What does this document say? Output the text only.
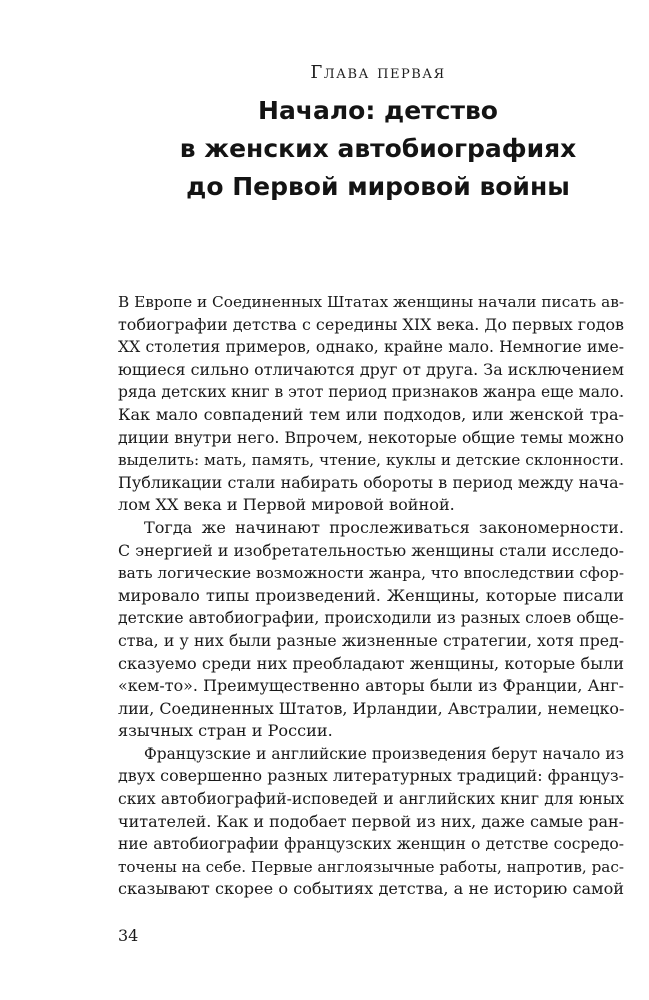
Глава первая
Начало: детство
в женских автобиографиях
до Первой мировой войны
В Европе и Соединенных Штатах женщины начали писать ав-
тобиографии детства с середины XIX века. До первых годов
XX столетия примеров, однако, крайне мало. Немногие име-
ющиеся сильно отличаются друг от друга. За исключением
ряда детских книг в этот период признаков жанра еще мало.
Как мало совпадений тем или подходов, или женской тра-
диции внутри него. Впрочем, некоторые общие темы можно
выделить: мать, память, чтение, куклы и детские склонности.
Публикации стали набирать обороты в период между нача-
лом XX века и Первой мировой войной.
Тогда же начинают прослеживаться закономерности.
С энергией и изобретательностью женщины стали исследо-
вать логические возможности жанра, что впоследствии сфор-
мировало типы произведений. Женщины, которые писали
детские автобиографии, происходили из разных слоев обще-
ства, и у них были разные жизненные стратегии, хотя пред-
сказуемо среди них преобладают женщины, которые были
«кем-то». Преимущественно авторы были из Франции, Анг-
лии, Соединенных Штатов, Ирландии, Австралии, немецко-
язычных стран и России.
Французские и английские произведения берут начало из
двух совершенно разных литературных традиций: француз-
ских автобиографий-исповедей и английских книг для юных
читателей. Как и подобает первой из них, даже самые ран-
ние автобиографии французских женщин о детстве сосредо-
точены на себе. Первые англоязычные работы, напротив, рас-
сказывают скорее о событиях детства, а не историю самой
34
